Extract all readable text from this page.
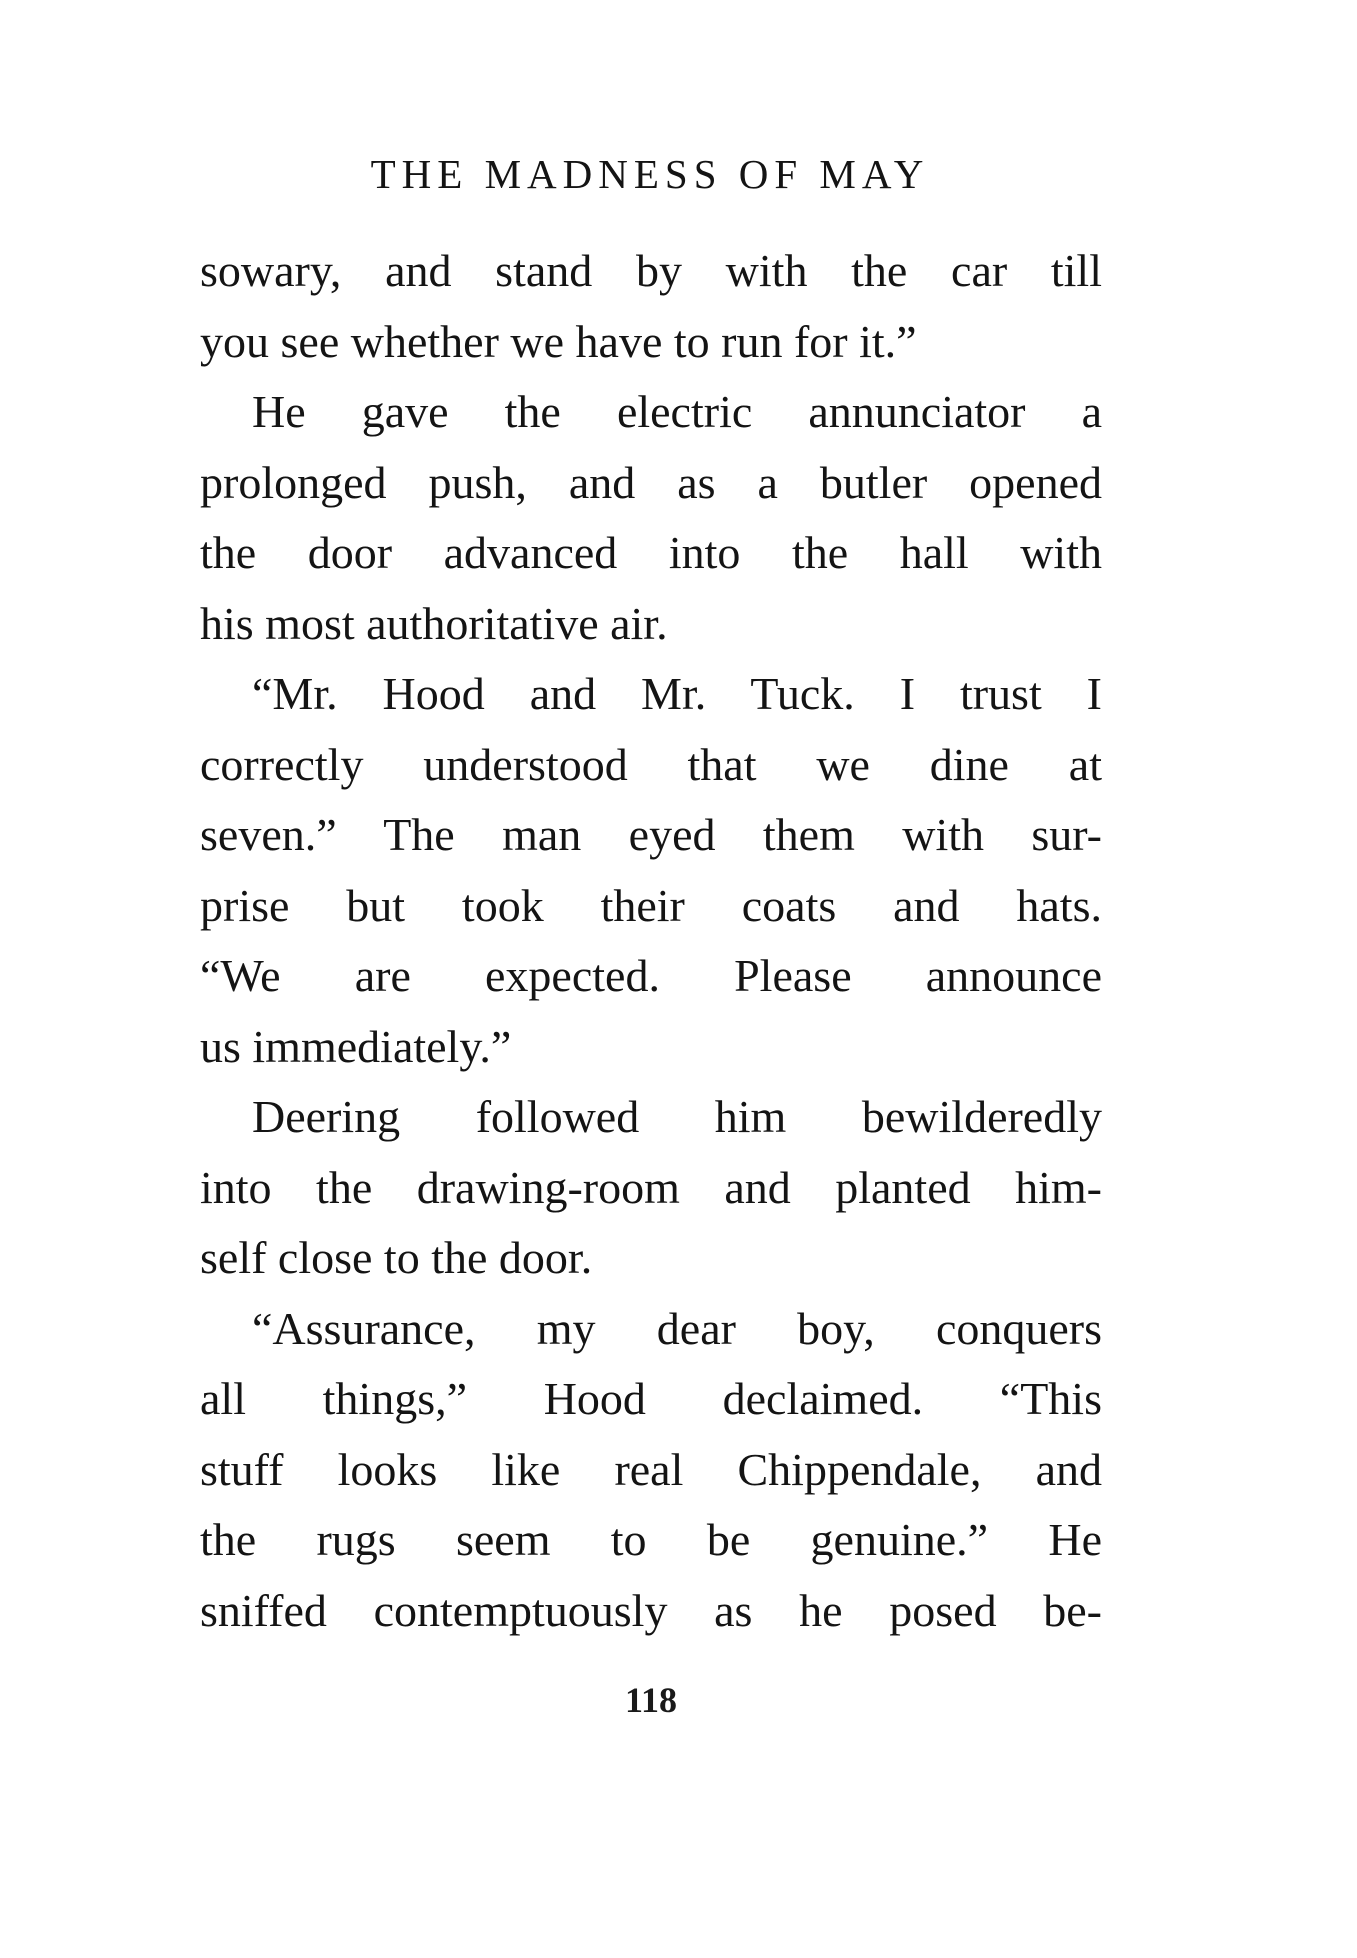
THE MADNESS OF MAY
sowary, and stand by with the car till
you see whether we have to run for it.”
He gave the electric annunciator a
prolonged push, and as a butler opened
the door advanced into the hall with
his most authoritative air.
“Mr. Hood and Mr. Tuck. I trust I
correctly understood that we dine at
seven.” The man eyed them with sur-
prise but took their coats and hats.
“We are expected. Please announce
us immediately.”
Deering followed him bewilderedly
into the drawing-room and planted him-
self close to the door.
“Assurance, my dear boy, conquers
all things,” Hood declaimed. “This
stuff looks like real Chippendale, and
the rugs seem to be genuine.” He
sniffed contemptuously as he posed be-
118
